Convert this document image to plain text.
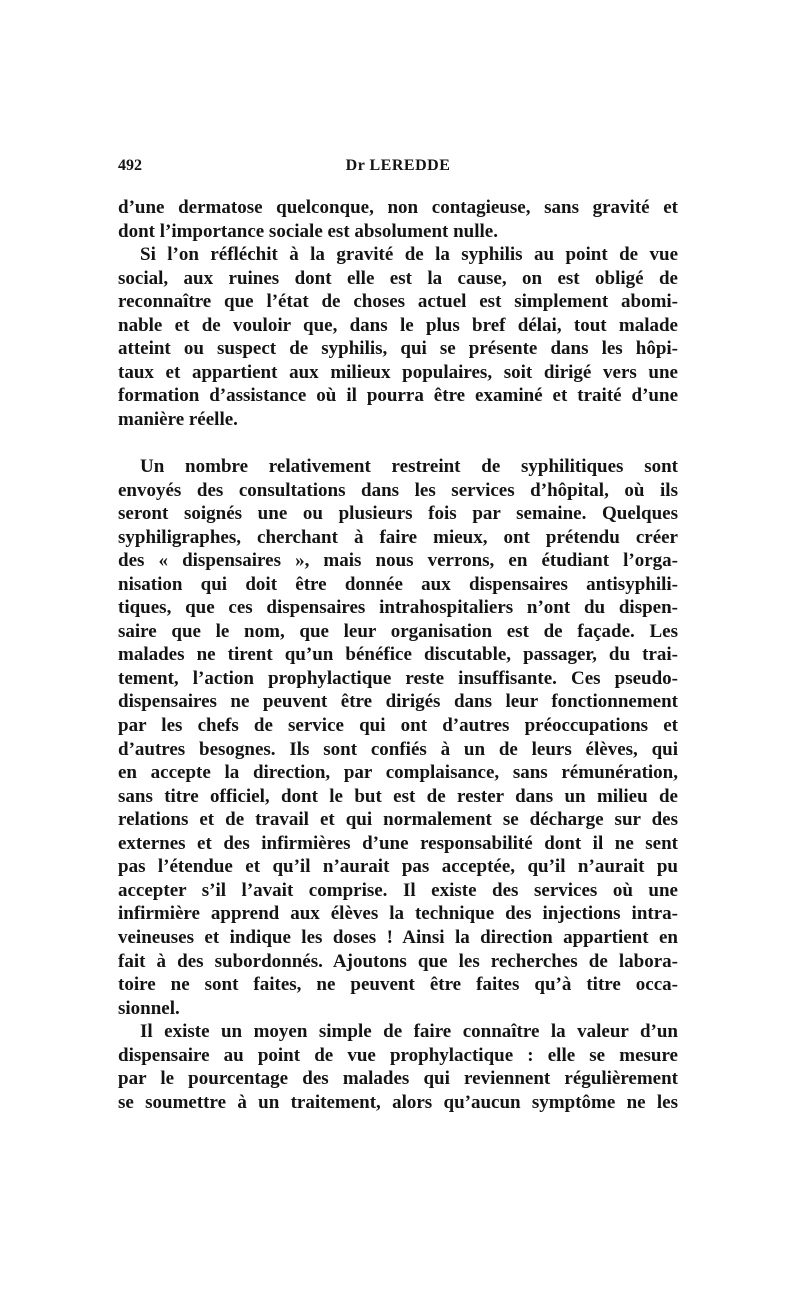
492	Dr LEREDDE
d’une dermatose quelconque, non contagieuse, sans gravité et
dont l’importance sociale est absolument nulle.
Si l’on réfléchit à la gravité de la syphilis au point de vue
social, aux ruines dont elle est la cause, on est obligé de
reconnaître que l’état de choses actuel est simplement abomi-
nable et de vouloir que, dans le plus bref délai, tout malade
atteint ou suspect de syphilis, qui se présente dans les hôpi-
taux et appartient aux milieux populaires, soit dirigé vers une
formation d’assistance où il pourra être examiné et traité d’une
manière réelle.
Un nombre relativement restreint de syphilitiques sont
envoyés des consultations dans les services d’hôpital, où ils
seront soignés une ou plusieurs fois par semaine. Quelques
syphiligraphes, cherchant à faire mieux, ont prétendu créer
des « dispensaires », mais nous verrons, en étudiant l’orga-
nisation qui doit être donnée aux dispensaires antisyphili-
tiques, que ces dispensaires intrahospitaliers n’ont du dispen-
saire que le nom, que leur organisation est de façade. Les
malades ne tirent qu’un bénéfice discutable, passager, du trai-
tement, l’action prophylactique reste insuffisante. Ces pseudo-
dispensaires ne peuvent être dirigés dans leur fonctionnement
par les chefs de service qui ont d’autres préoccupations et
d’autres besognes. Ils sont confiés à un de leurs élèves, qui
en accepte la direction, par complaisance, sans rémunération,
sans titre officiel, dont le but est de rester dans un milieu de
relations et de travail et qui normalement se décharge sur des
externes et des infirmières d’une responsabilité dont il ne sent
pas l’étendue et qu’il n’aurait pas acceptée, qu’il n’aurait pu
accepter s’il l’avait comprise. Il existe des services où une
infirmière apprend aux élèves la technique des injections intra-
veineuses et indique les doses ! Ainsi la direction appartient en
fait à des subordonnés. Ajoutons que les recherches de labora-
toire ne sont faites, ne peuvent être faites qu’à titre occa-
sionnel.
Il existe un moyen simple de faire connaître la valeur d’un
dispensaire au point de vue prophylactique : elle se mesure
par le pourcentage des malades qui reviennent régulièrement
se soumettre à un traitement, alors qu’aucun symptôme ne les
